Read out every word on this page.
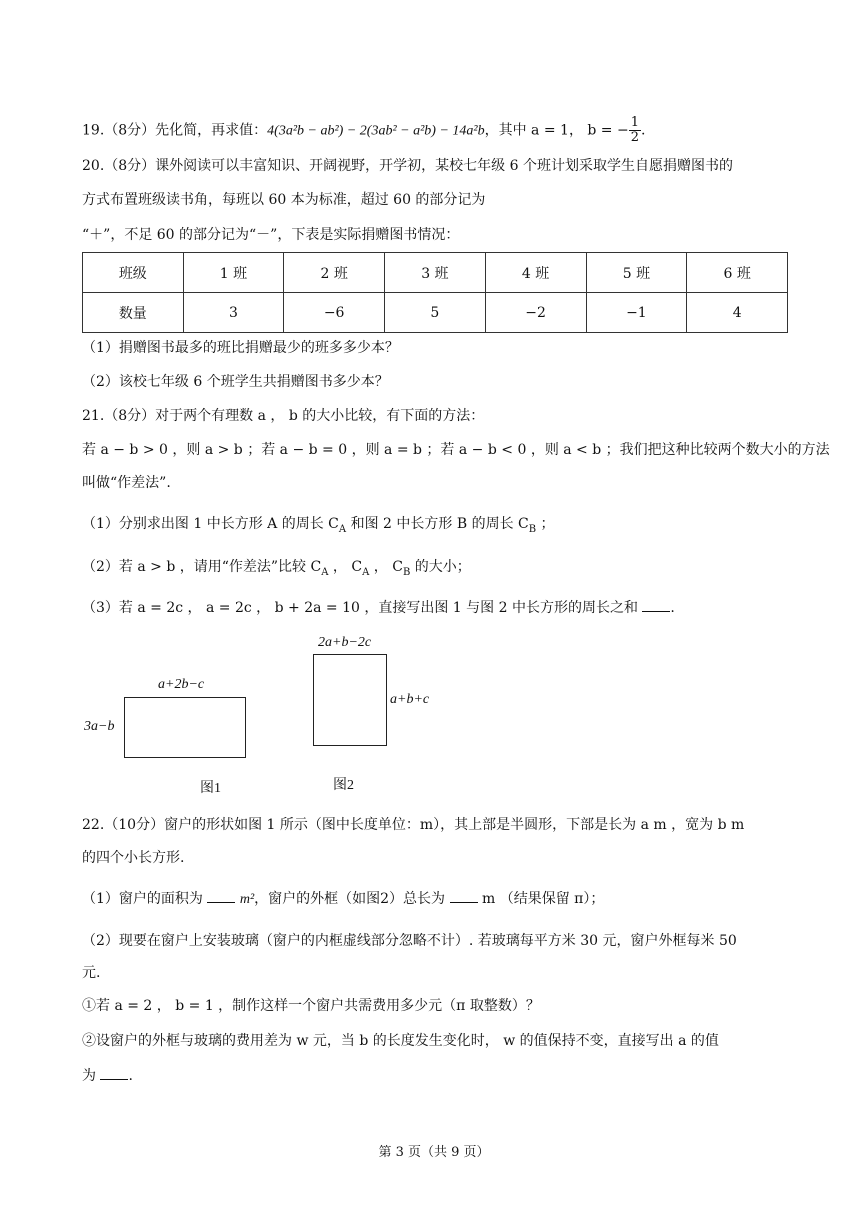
19.（8分）先化简，再求值：4(3a²b − ab²) − 2(3ab² − a²b) − 14a²b，其中 a = 1， b = − $\frac{1}{2}$ .
20.（8分）课外阅读可以丰富知识、开阔视野，开学初，某校七年级 6 个班计划采取学生自愿捐赠图书的
方式布置班级读书角，每班以 60 本为标准，超过 60 的部分记为
“＋”，不足 60 的部分记为“－”，下表是实际捐赠图书情况：
班级	1 班	2 班	3 班	4 班	5 班	6 班
数量	3	−6	5	−2	−1	4
（1）捐赠图书最多的班比捐赠最少的班多多少本？
（2）该校七年级 6 个班学生共捐赠图书多少本？
21.（8分）对于两个有理数 a ， b 的大小比较，有下面的方法：
若 a − b > 0 ，则 a > b ；若 a − b = 0 ，则 a = b ；若 a − b < 0 ，则 a < b ；我们把这种比较两个数大小的方法
叫做“作差法”.
（1）分别求出图 1 中长方形 A 的周长 $C_A$ 和图 2 中长方形 B 的周长 $C_B$ ；
（2）若 a > b ，请用“作差法”比较 $C_A$ ， $C_A$ ， $C_B$ 的大小；
（3）若 a = 2c ， a = 2c ， b + 2a = 10 ，直接写出图 1 与图 2 中长方形的周长之和 .
a+2b−c
3a−b
图1
2a+b−2c
a+b+c
图2
22.（10分）窗户的形状如图 1 所示（图中长度单位：m），其上部是半圆形，下部是长为 a m ，宽为 b m
的四个小长方形.
（1）窗户的面积为	m²，窗户的外框（如图2）总长为	m （结果保留 π）；
（2）现要在窗户上安装玻璃（窗户的内框虚线部分忽略不计）. 若玻璃每平方米 30 元，窗户外框每米 50
元.
①若 a = 2 ， b = 1 ，制作这样一个窗户共需费用多少元（π 取整数）？
②设窗户的外框与玻璃的费用差为 w 元，当 b 的长度发生变化时， w 的值保持不变，直接写出 a 的值
为 .
第 3 页（共 9 页）
